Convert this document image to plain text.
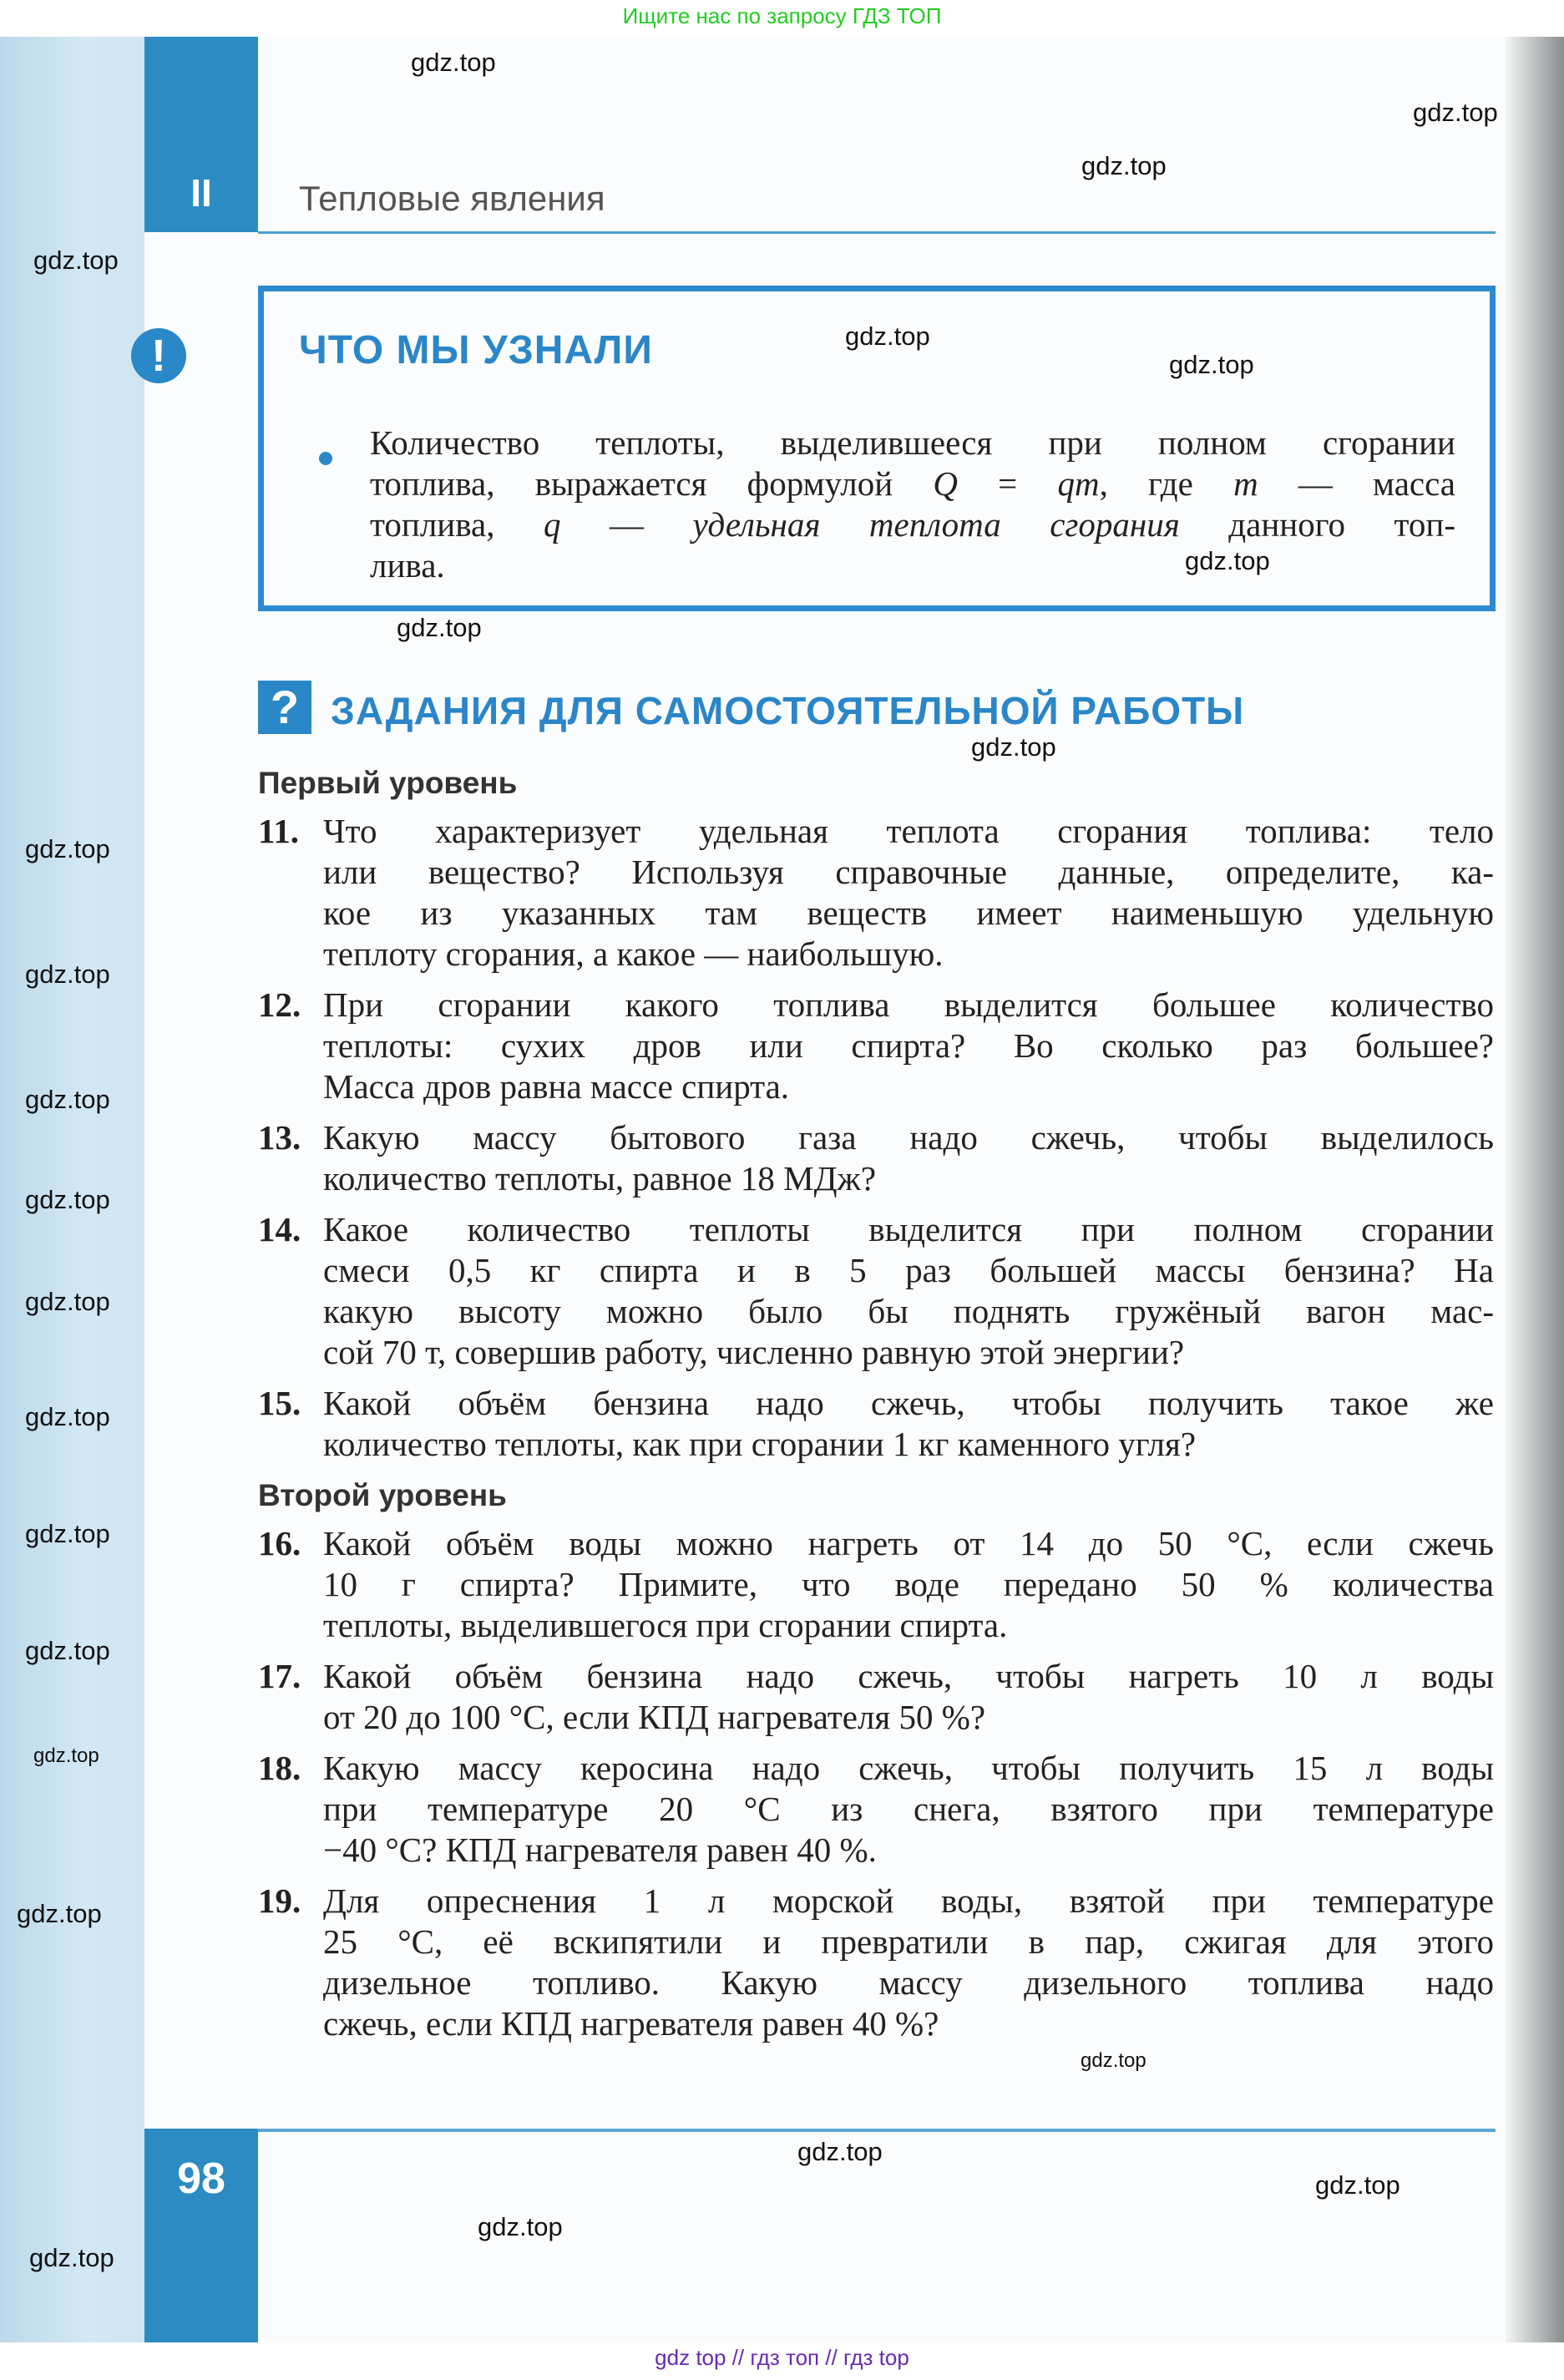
Ищите нас по запросу ГДЗ ТОП
II	Тепловые явления
!	ЧТО МЫ УЗНАЛИ
Количество теплоты, выделившееся при полном сгорании
топлива, выражается формулой Q = qm, где m — масса
топлива, q — удельная теплота сгорания данного топ-
лива.
? ЗАДАНИЯ ДЛЯ САМОСТОЯТЕЛЬНОЙ РАБОТЫ
Первый уровень
11. Что характеризует удельная теплота сгорания топлива: тело
или вещество? Используя справочные данные, определите, ка-
кое из указанных там веществ имеет наименьшую удельную
теплоту сгорания, а какое — наибольшую.
12. При сгорании какого топлива выделится большее количество
теплоты: сухих дров или спирта? Во сколько раз большее?
Масса дров равна массе спирта.
13. Какую массу бытового газа надо сжечь, чтобы выделилось
количество теплоты, равное 18 МДж?
14. Какое количество теплоты выделится при полном сгорании
смеси 0,5 кг спирта и в 5 раз большей массы бензина? На
какую высоту можно было бы поднять гружёный вагон мас-
сой 70 т, совершив работу, численно равную этой энергии?
15. Какой объём бензина надо сжечь, чтобы получить такое же
количество теплоты, как при сгорании 1 кг каменного угля?
Второй уровень
16. Какой объём воды можно нагреть от 14 до 50 °С, если сжечь
10 г спирта? Примите, что воде передано 50 % количества
теплоты, выделившегося при сгорании спирта.
17. Какой объём бензина надо сжечь, чтобы нагреть 10 л воды
от 20 до 100 °С, если КПД нагревателя 50 %?
18. Какую массу керосина надо сжечь, чтобы получить 15 л воды
при температуре 20 °С из снега, взятого при температуре
−40 °С? КПД нагревателя равен 40 %.
19. Для опреснения 1 л морской воды, взятой при температуре
25 °С, её вскипятили и превратили в пар, сжигая для этого
дизельное топливо. Какую массу дизельного топлива надо
сжечь, если КПД нагревателя равен 40 %?
98
gdz top // гдз топ // гдз top
gdz.top
gdz.top
gdz.top
gdz.top
gdz.top
gdz.top
gdz.top
gdz.top
gdz.top
gdz.top
gdz.top
gdz.top
gdz.top
gdz.top
gdz.top
gdz.top
gdz.top
gdz.top
gdz.top
gdz.top
gdz.top
gdz.top
gdz.top
gdz.top
